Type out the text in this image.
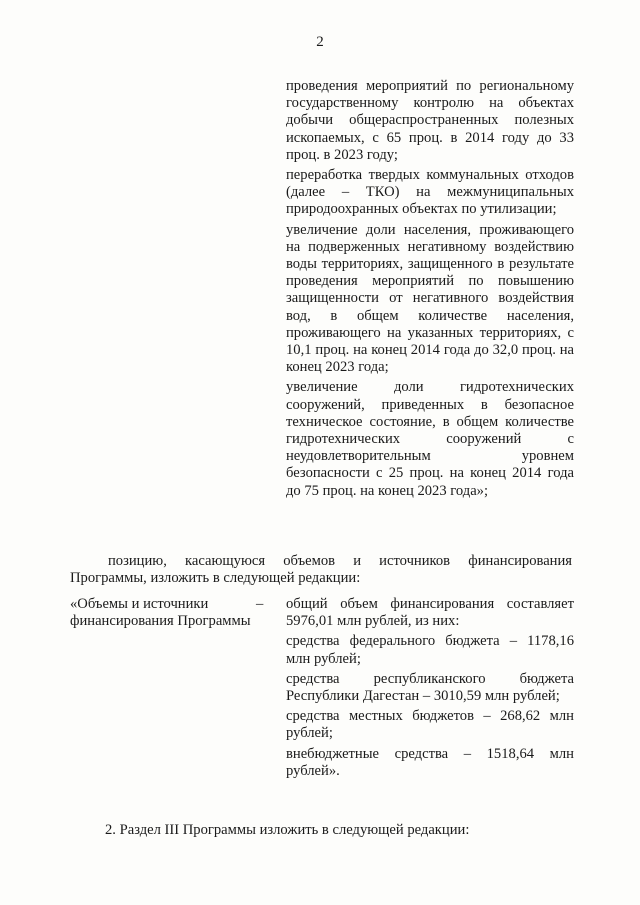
2

проведения мероприятий по региональному государственному контролю на объектах добычи общераспространенных полезных ископаемых, с 65 проц. в 2014 году до 33 проц. в 2023 году;

переработка твердых коммунальных отходов (далее – ТКО) на межмуниципальных природоохранных объектах по утилизации;

увеличение доли населения, проживающего на подверженных негативному воздействию воды территориях, защищенного в результате проведения мероприятий по повышению защищенности от негативного воздействия вод, в общем количестве населения, проживающего на указанных территориях, с 10,1 проц. на конец 2014 года до 32,0 проц. на конец 2023 года;

увеличение доли гидротехнических сооружений, приведенных в безопасное техническое состояние, в общем количестве гидротехнических сооружений с неудовлетворительным уровнем безопасности с 25 проц. на конец 2014 года до 75 проц. на конец 2023 года»;

позицию, касающуюся объемов и источников финансирования Программы, изложить в следующей редакции:

«Объемы и источники финансирования Программы
– общий объем финансирования составляет 5976,01 млн рублей, из них:

средства федерального бюджета – 1178,16 млн рублей;

средства республиканского бюджета Республики Дагестан – 3010,59 млн рублей;

средства местных бюджетов – 268,62 млн рублей;

внебюджетные средства – 1518,64 млн рублей».

2. Раздел III Программы изложить в следующей редакции:
